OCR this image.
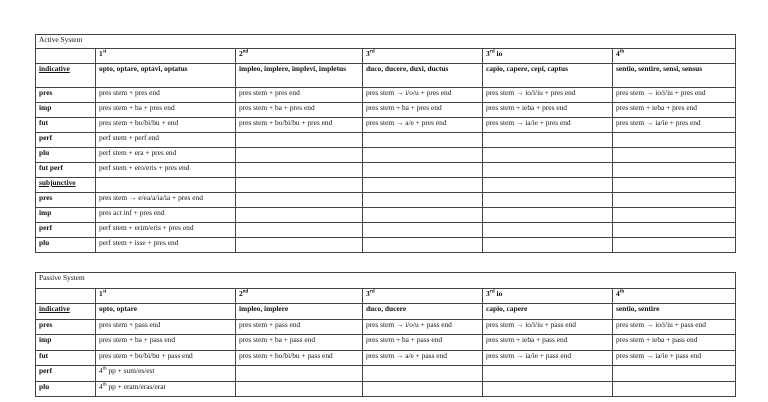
Active System					
	1st	2nd	3rd	3rd io	4th
indicative	opto, optare, optavi, optatus	impleo, implere, implevi, impletus	duco, ducere, duxi, ductus	capio, capere, cepi, captus	sentio, sentire, sensi, sensus
pres	pres stem + pres end	pres stem + pres end	pres stem → i/o/u + pres end	pres stem → io/i/iu + pres end	pres stem → io/i/iu + pres end
imp	pres stem + ba + pres end	pres stem + ba + pres end	pres stem + ba + pres end	pres stem + ieba + pres end	pres stem + ieba + pres end
fut	pres stem + bo/bi/bu + end	pres stem + bo/bi/bu + pres end	pres stem → a/e + pres end	pres stem → ia/ie + pres end	pres stem → ia/ie + pres end
perf	perf stem + perf end				
plu	perf stem + era + pres end				
fut perf	perf stem + ero/eris + pres end				
subjunctive					
pres	pres stem → e/ea/a/ia/ia + pres end				
imp	pres act inf + pres end				
perf	perf stem + erim/eris + pres end				
plu	perf stem + isse + pres end				
Passive System					
	1st	2nd	3rd	3rd io	4th
indicative	opto, optare	impleo, implere	duco, ducere	capio, capere	sentio, sentire
pres	pres stem + pass end	pres stem + pass end	pres stem → i/o/u + pass end	pres stem → io/i/iu + pass end	pres stem → io/i/iu + pass end
imp	pres stem + ba + pass end	pres stem + ba + pass end	pres stem + ba + pass end	pres stem + ieba + pass end	pres stem + ieba + pass end
fut	pres stem + bo/bi/bu + pass end	pres stem + bo/bi/bu + pass end	pres stem → a/e + pass end	pres stem → ia/ie + pass end	pres stem → ia/ie + pass end
perf	4th pp + sum/es/est				
plu	4th pp + eram/eras/erat				
